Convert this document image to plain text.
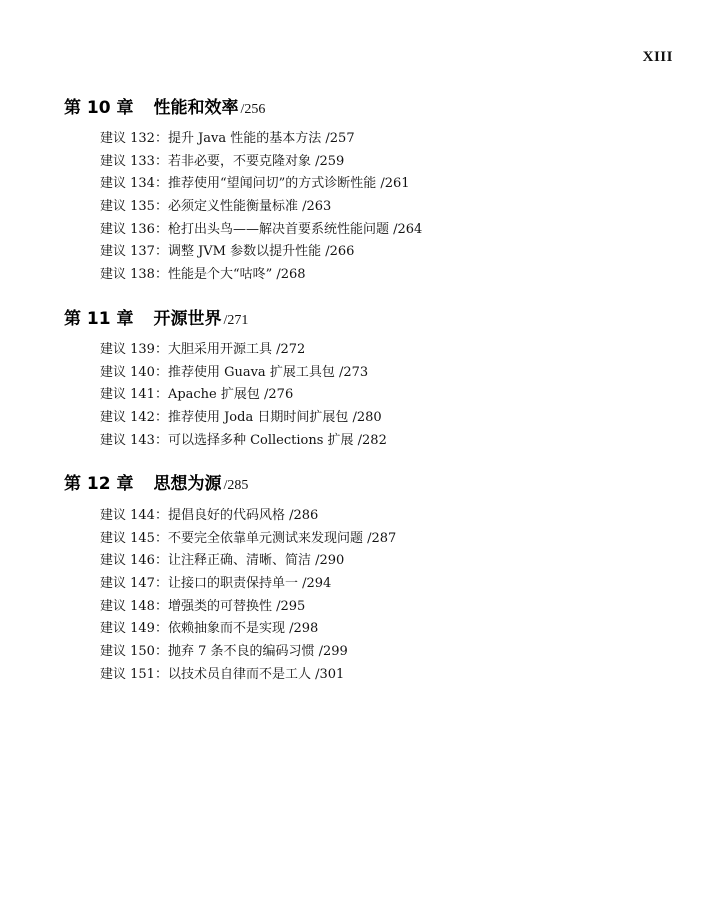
XIII
第 10 章 性能和效率 /256
建议 132：提升 Java 性能的基本方法 /257
建议 133：若非必要，不要克隆对象 /259
建议 134：推荐使用“望闻问切”的方式诊断性能 /261
建议 135：必须定义性能衡量标准 /263
建议 136：枪打出头鸟——解决首要系统性能问题 /264
建议 137：调整 JVM 参数以提升性能 /266
建议 138：性能是个大“咕咚” /268
第 11 章 开源世界 /271
建议 139：大胆采用开源工具 /272
建议 140：推荐使用 Guava 扩展工具包 /273
建议 141：Apache 扩展包 /276
建议 142：推荐使用 Joda 日期时间扩展包 /280
建议 143：可以选择多种 Collections 扩展 /282
第 12 章 思想为源 /285
建议 144：提倡良好的代码风格 /286
建议 145：不要完全依靠单元测试来发现问题 /287
建议 146：让注释正确、清晰、简洁 /290
建议 147：让接口的职责保持单一 /294
建议 148：增强类的可替换性 /295
建议 149：依赖抽象而不是实现 /298
建议 150：抛弃 7 条不良的编码习惯 /299
建议 151：以技术员自律而不是工人 /301
